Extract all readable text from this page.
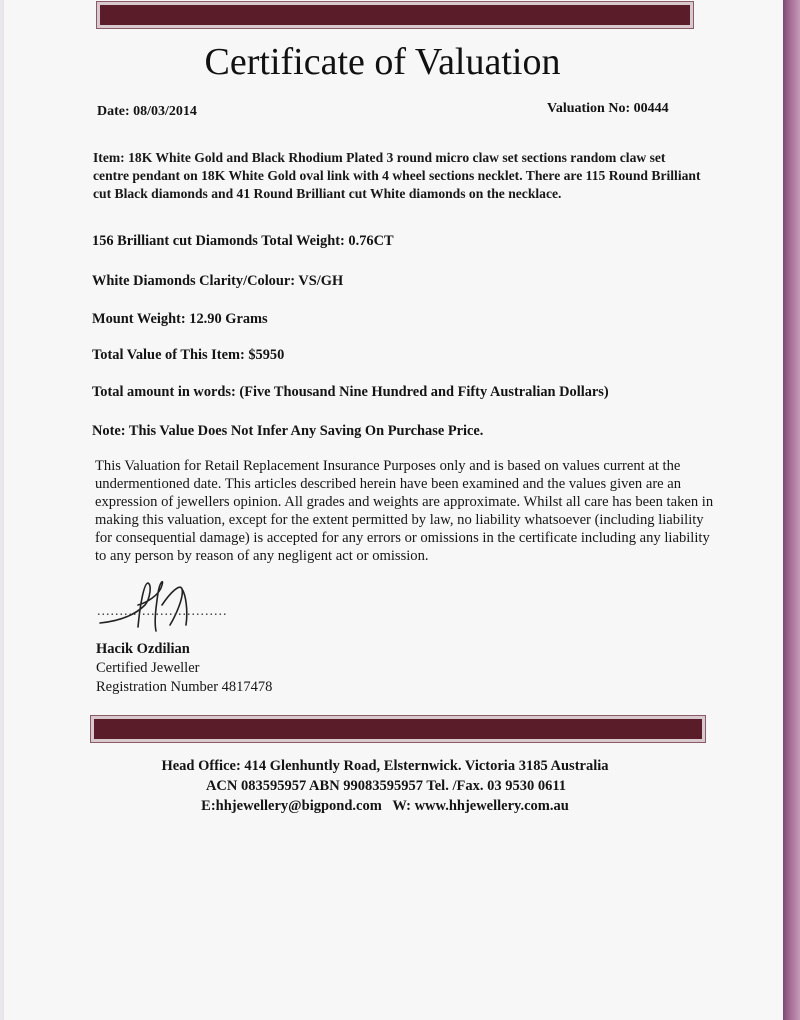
Certificate of Valuation
Date: 08/03/2014	Valuation No: 00444
Item: 18K White Gold and Black Rhodium Plated 3 round micro claw set sections random claw set centre pendant on 18K White Gold oval link with 4 wheel sections necklet. There are 115 Round Brilliant cut Black diamonds and 41 Round Brilliant cut White diamonds on the necklace.
156 Brilliant cut Diamonds Total Weight: 0.76CT
White Diamonds Clarity/Colour: VS/GH
Mount Weight: 12.90 Grams
Total Value of This Item: $5950
Total amount in words: (Five Thousand Nine Hundred and Fifty Australian Dollars)
Note: This Value Does Not Infer Any Saving On Purchase Price.
This Valuation for Retail Replacement Insurance Purposes only and is based on values current at the undermentioned date. This articles described herein have been examined and the values given are an expression of jewellers opinion. All grades and weights are approximate. Whilst all care has been taken in making this valuation, except for the extent permitted by law, no liability whatsoever (including liability for consequential damage) is accepted for any errors or omissions in the certificate including any liability to any person by reason of any negligent act or omission.
.............................
Hacik Ozdilian
Certified Jeweller
Registration Number 4817478
Head Office: 414 Glenhuntly Road, Elsternwick. Victoria 3185 Australia
ACN 083595957 ABN 99083595957 Tel. /Fax. 03 9530 0611
E:hhjewellery@bigpond.com   W: www.hhjewellery.com.au
